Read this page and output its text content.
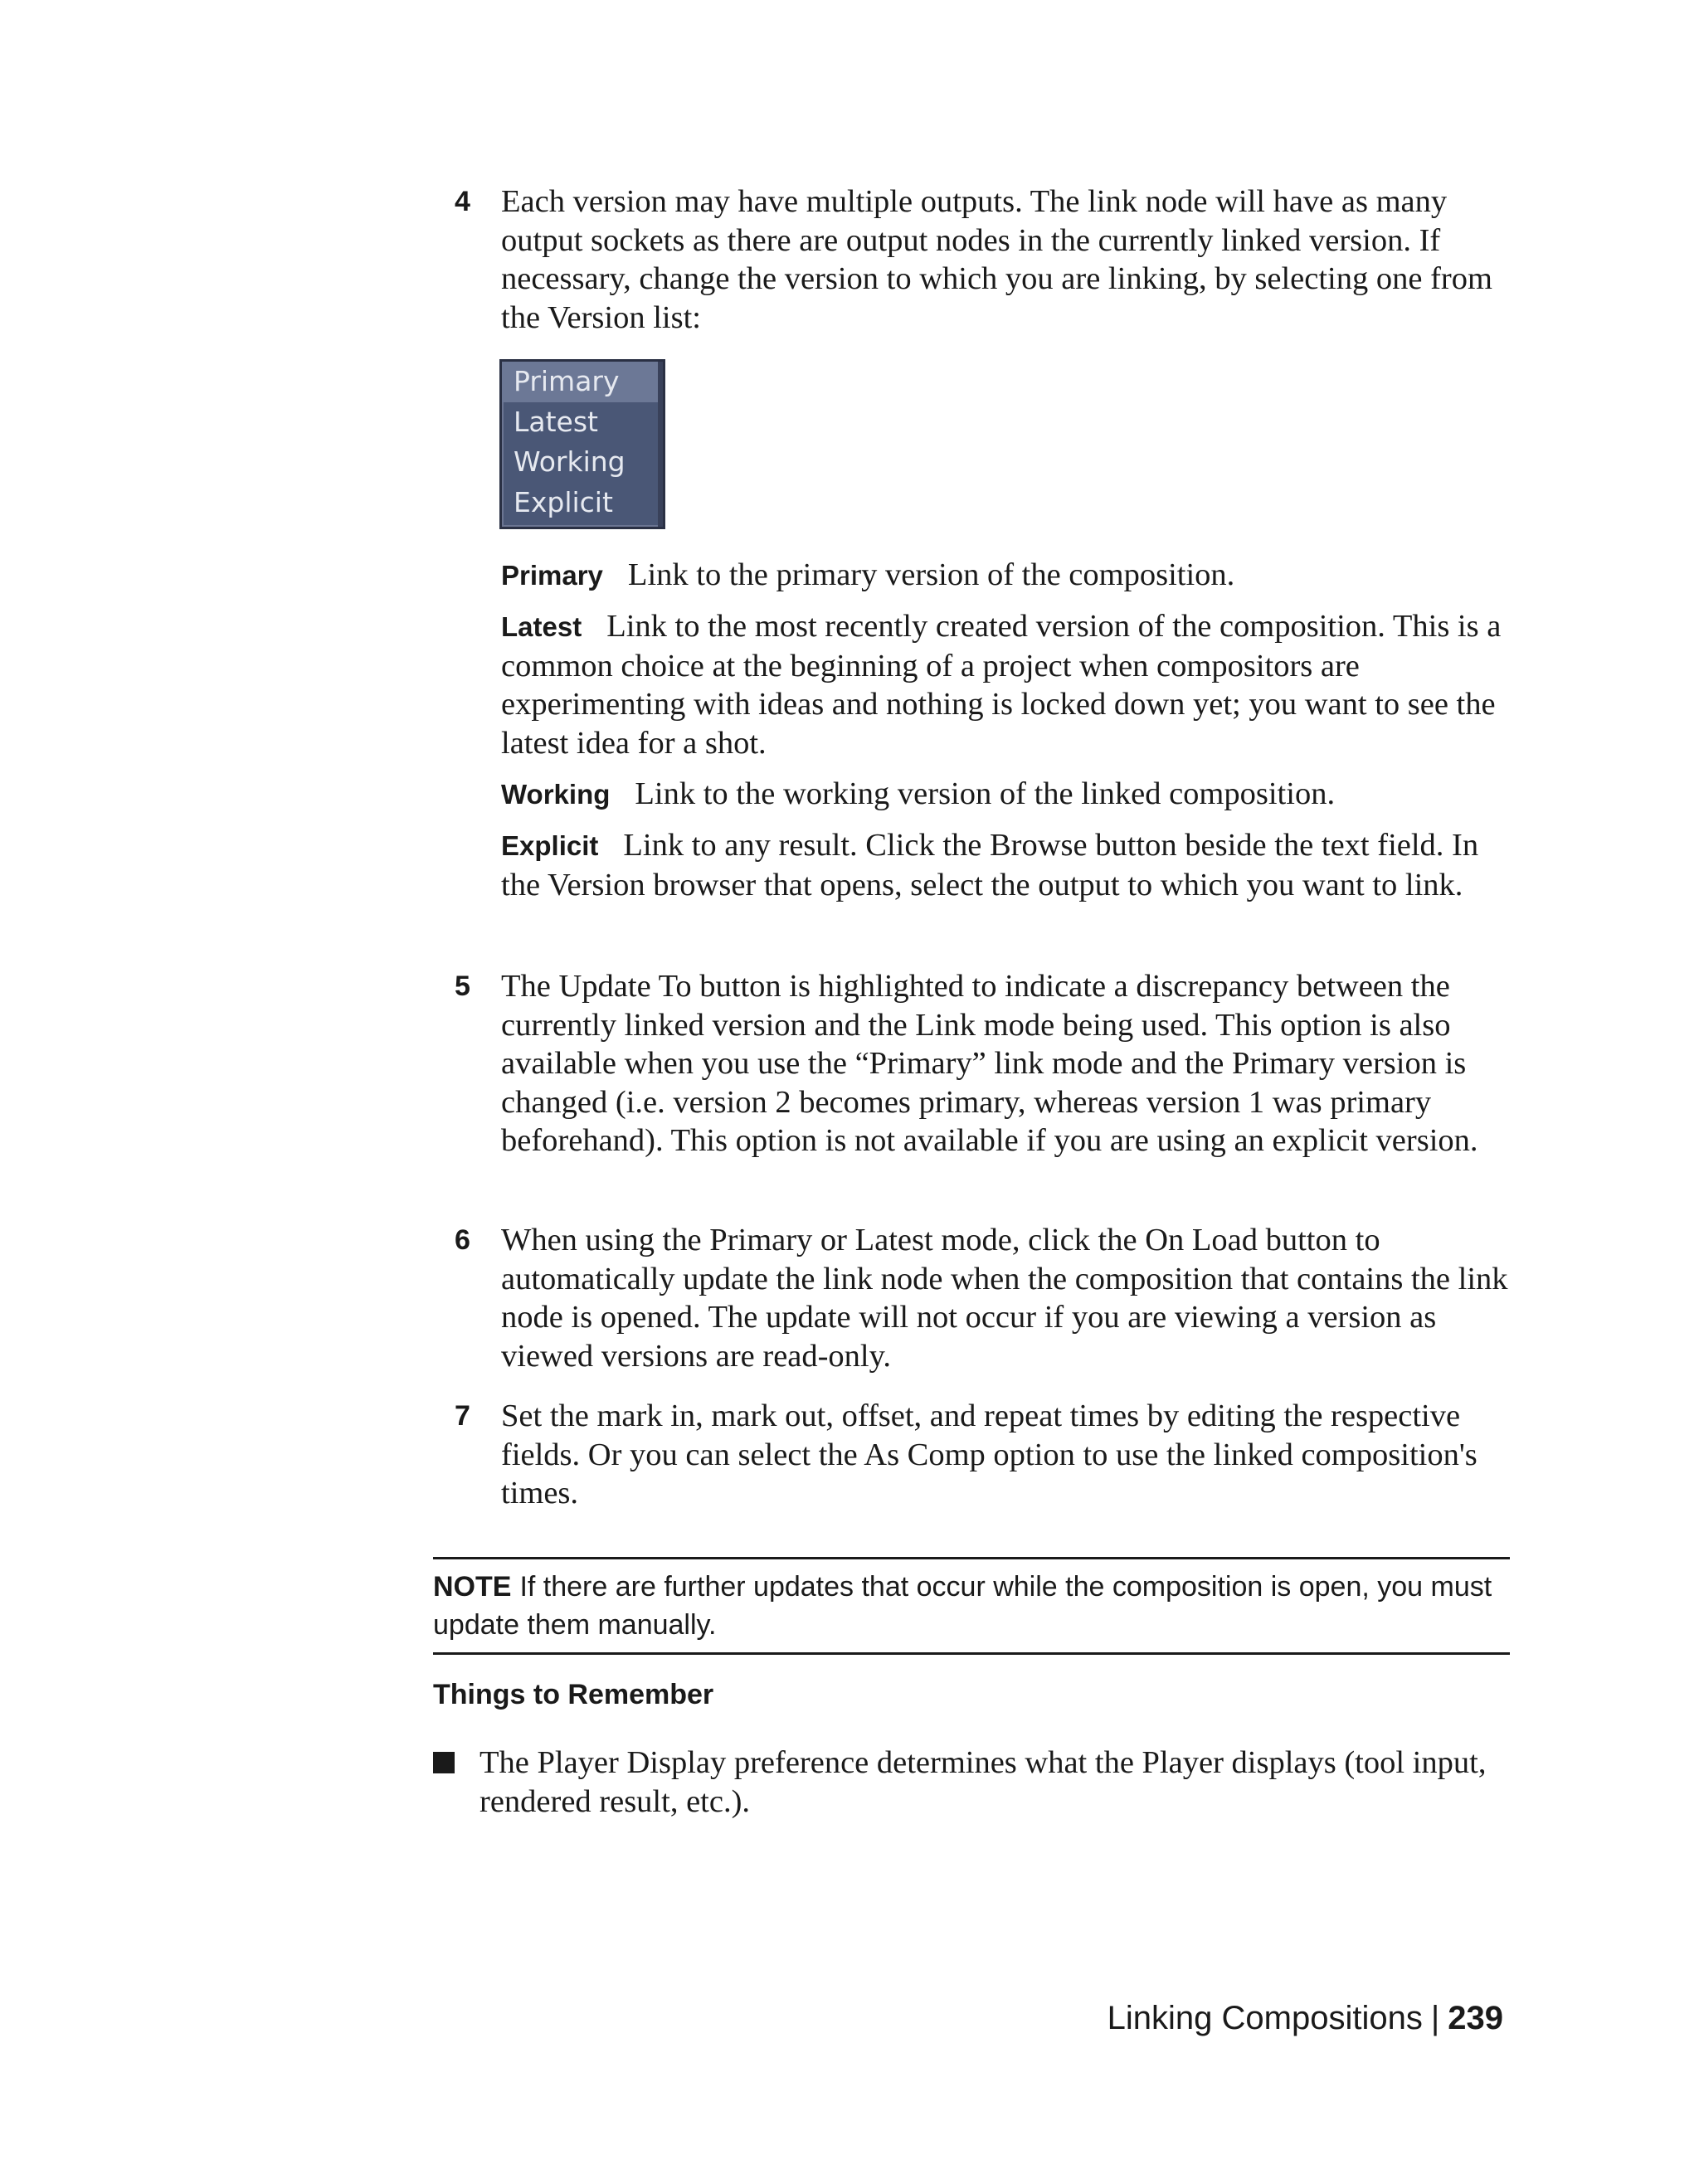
4 Each version may have multiple outputs. The link node will have as many output sockets as there are output nodes in the currently linked version. If necessary, change the version to which you are linking, by selecting one from the Version list:
Primary
Latest
Working
Explicit
Primary Link to the primary version of the composition.
Latest Link to the most recently created version of the composition. This is a common choice at the beginning of a project when compositors are experimenting with ideas and nothing is locked down yet; you want to see the latest idea for a shot.
Working Link to the working version of the linked composition.
Explicit Link to any result. Click the Browse button beside the text field. In the Version browser that opens, select the output to which you want to link.
5 The Update To button is highlighted to indicate a discrepancy between the currently linked version and the Link mode being used. This option is also available when you use the “Primary” link mode and the Primary version is changed (i.e. version 2 becomes primary, whereas version 1 was primary beforehand). This option is not available if you are using an explicit version.
6 When using the Primary or Latest mode, click the On Load button to automatically update the link node when the composition that contains the link node is opened. The update will not occur if you are viewing a version as viewed versions are read-only.
7 Set the mark in, mark out, offset, and repeat times by editing the respective fields. Or you can select the As Comp option to use the linked composition's times.
NOTE If there are further updates that occur while the composition is open, you must update them manually.
Things to Remember
The Player Display preference determines what the Player displays (tool input, rendered result, etc.).
Linking Compositions | 239
